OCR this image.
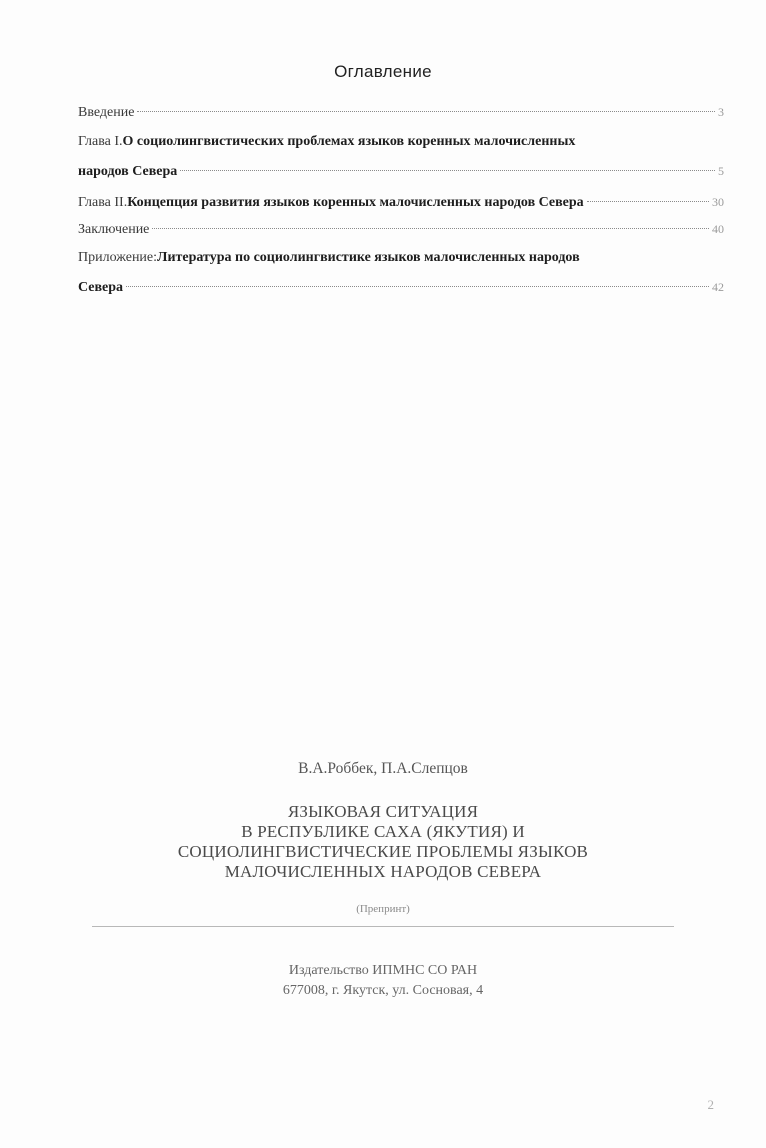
Оглавление
Введение	3
Глава I. О социолингвистических проблемах языков коренных малочисленных
народов Севера	5
Глава II. Концепция развития языков коренных малочисленных народов Севера	30
Заключение	40
Приложение: Литература по социолингвистике языков малочисленных народов
Севера	42
В.А.Роббек, П.А.Слепцов
ЯЗЫКОВАЯ СИТУАЦИЯ
В РЕСПУБЛИКЕ САХА (ЯКУТИЯ) И
СОЦИОЛИНГВИСТИЧЕСКИЕ ПРОБЛЕМЫ ЯЗЫКОВ
МАЛОЧИСЛЕННЫХ НАРОДОВ СЕВЕРА
(Препринт)
Издательство ИПМНС СО РАН
677008, г. Якутск, ул. Сосновая, 4
2
